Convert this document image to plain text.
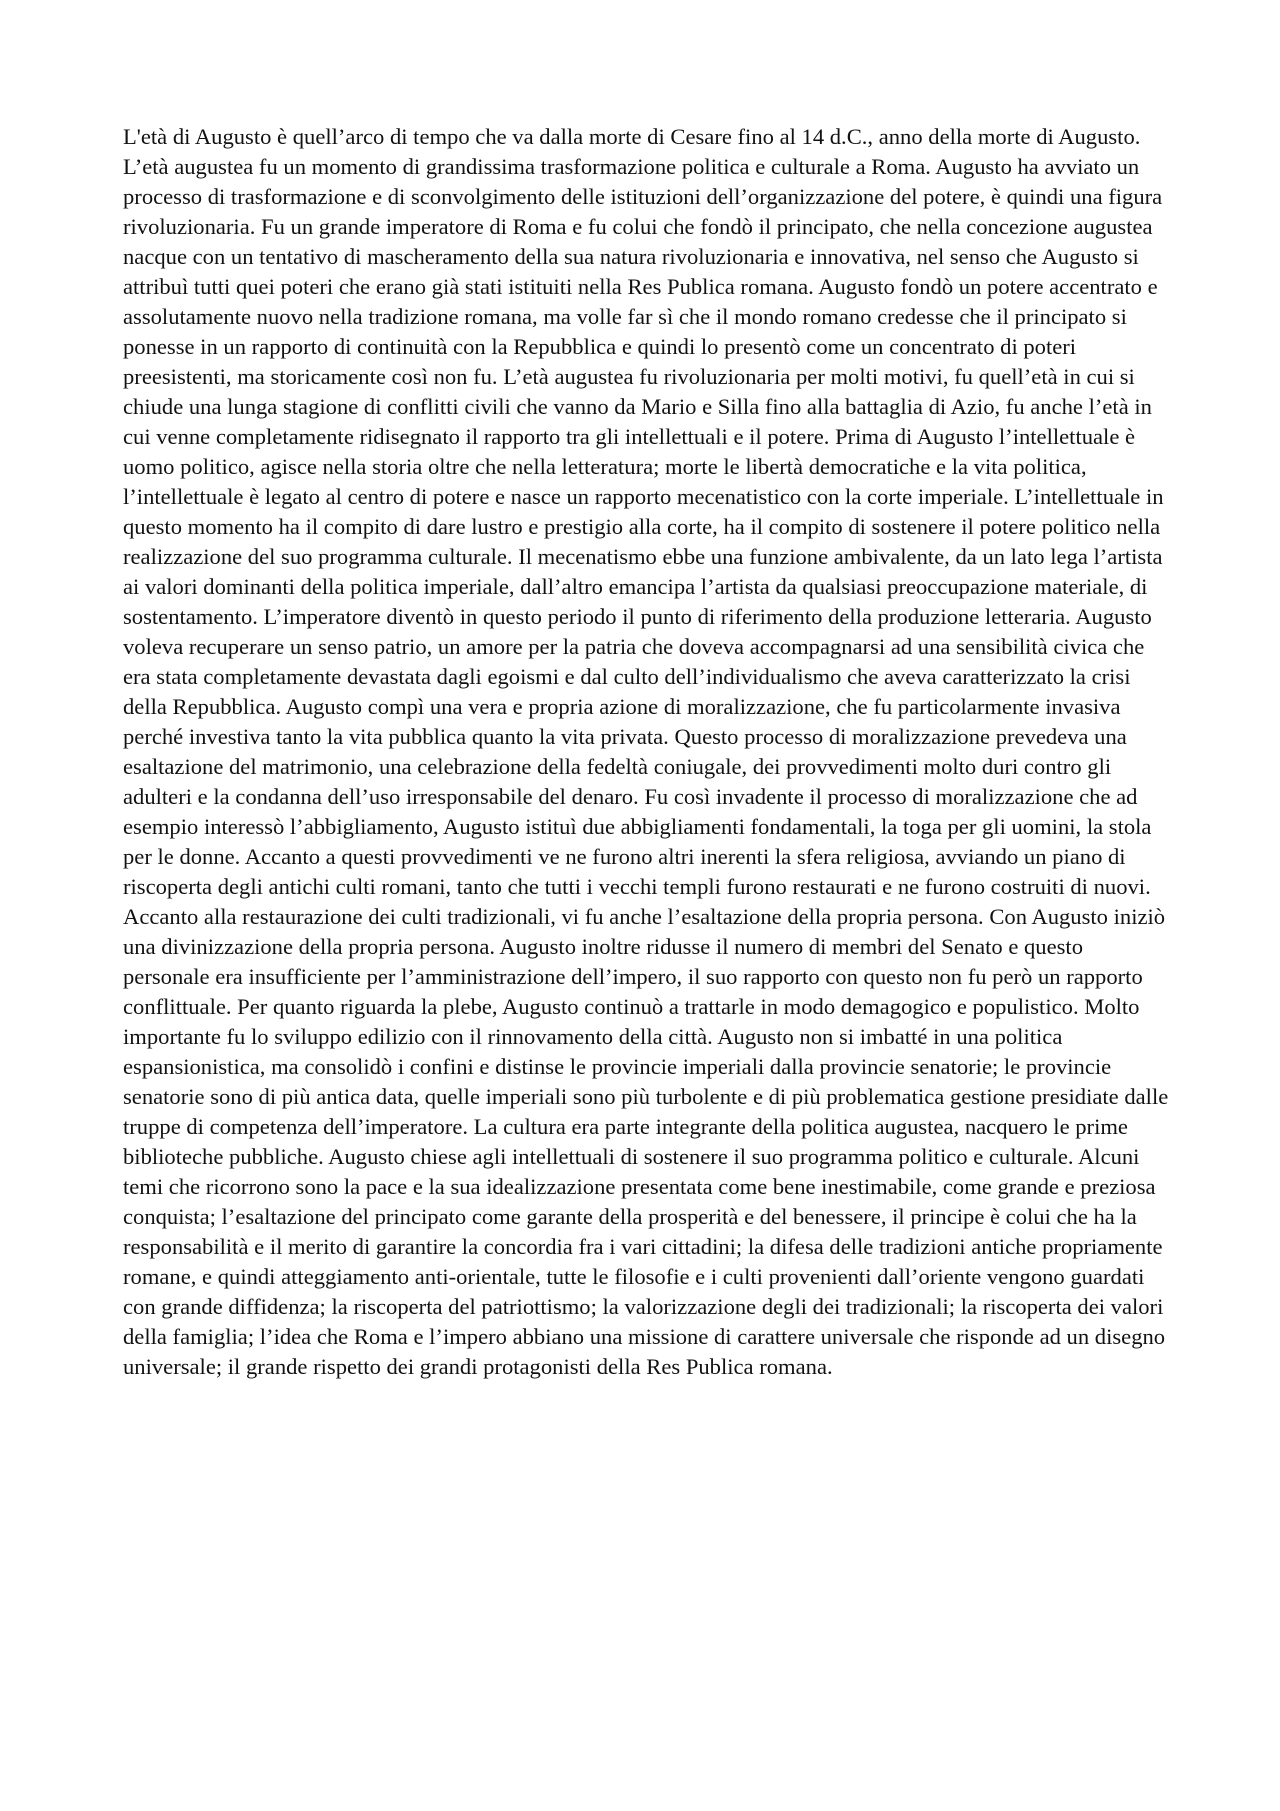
L'età di Augusto è quell’arco di tempo che va dalla morte di Cesare fino al 14 d.C., anno della morte di Augusto. L’età augustea fu un momento di grandissima trasformazione politica e culturale a Roma. Augusto ha avviato un processo di trasformazione e di sconvolgimento delle istituzioni dell’organizzazione del potere, è quindi una figura rivoluzionaria. Fu un grande imperatore di Roma e fu colui che fondò il principato, che nella concezione augustea nacque con un tentativo di mascheramento della sua natura rivoluzionaria e innovativa, nel senso che Augusto si attribuì tutti quei poteri che erano già stati istituiti nella Res Publica romana. Augusto fondò un potere accentrato e assolutamente nuovo nella tradizione romana, ma volle far sì che il mondo romano credesse che il principato si ponesse in un rapporto di continuità con la Repubblica e quindi lo presentò come un concentrato di poteri preesistenti, ma storicamente così non fu. L’età augustea fu rivoluzionaria per molti motivi, fu quell’età in cui si chiude una lunga stagione di conflitti civili che vanno da Mario e Silla fino alla battaglia di Azio, fu anche l’età in cui venne completamente ridisegnato il rapporto tra gli intellettuali e il potere. Prima di Augusto l’intellettuale è uomo politico, agisce nella storia oltre che nella letteratura; morte le libertà democratiche e la vita politica, l’intellettuale è legato al centro di potere e nasce un rapporto mecenatistico con la corte imperiale. L’intellettuale in questo momento ha il compito di dare lustro e prestigio alla corte, ha il compito di sostenere il potere politico nella realizzazione del suo programma culturale. Il mecenatismo ebbe una funzione ambivalente, da un lato lega l’artista ai valori dominanti della politica imperiale, dall’altro emancipa l’artista da qualsiasi preoccupazione materiale, di sostentamento. L’imperatore diventò in questo periodo il punto di riferimento della produzione letteraria. Augusto voleva recuperare un senso patrio, un amore per la patria che doveva accompagnarsi ad una sensibilità civica che era stata completamente devastata dagli egoismi e dal culto dell’individualismo che aveva caratterizzato la crisi della Repubblica. Augusto compì una vera e propria azione di moralizzazione, che fu particolarmente invasiva perché investiva tanto la vita pubblica quanto la vita privata. Questo processo di moralizzazione prevedeva una esaltazione del matrimonio, una celebrazione della fedeltà coniugale, dei provvedimenti molto duri contro gli adulteri e la condanna dell’uso irresponsabile del denaro. Fu così invadente il processo di moralizzazione che ad esempio interessò l’abbigliamento, Augusto istituì due abbigliamenti fondamentali, la toga per gli uomini, la stola per le donne. Accanto a questi provvedimenti ve ne furono altri inerenti la sfera religiosa, avviando un piano di riscoperta degli antichi culti romani, tanto che tutti i vecchi templi furono restaurati e ne furono costruiti di nuovi. Accanto alla restaurazione dei culti tradizionali, vi fu anche l’esaltazione della propria persona. Con Augusto iniziò una divinizzazione della propria persona. Augusto inoltre ridusse il numero di membri del Senato e questo personale era insufficiente per l’amministrazione dell’impero, il suo rapporto con questo non fu però un rapporto conflittuale. Per quanto riguarda la plebe, Augusto continuò a trattarle in modo demagogico e populistico. Molto importante fu lo sviluppo edilizio con il rinnovamento della città. Augusto non si imbatté in una politica espansionistica, ma consolidò i confini e distinse le provincie imperiali dalla provincie senatorie; le provincie senatorie sono di più antica data, quelle imperiali sono più turbolente e di più problematica gestione presidiate dalle truppe di competenza dell’imperatore. La cultura era parte integrante della politica augustea, nacquero le prime biblioteche pubbliche. Augusto chiese agli intellettuali di sostenere il suo programma politico e culturale. Alcuni temi che ricorrono sono la pace e la sua idealizzazione presentata come bene inestimabile, come grande e preziosa conquista; l’esaltazione del principato come garante della prosperità e del benessere, il principe è colui che ha la responsabilità e il merito di garantire la concordia fra i vari cittadini; la difesa delle tradizioni antiche propriamente romane, e quindi atteggiamento anti-orientale, tutte le filosofie e i culti provenienti dall’oriente vengono guardati con grande diffidenza; la riscoperta del patriottismo; la valorizzazione degli dei tradizionali; la riscoperta dei valori della famiglia; l’idea che Roma e l’impero abbiano una missione di carattere universale che risponde ad un disegno universale; il grande rispetto dei grandi protagonisti della Res Publica romana.
